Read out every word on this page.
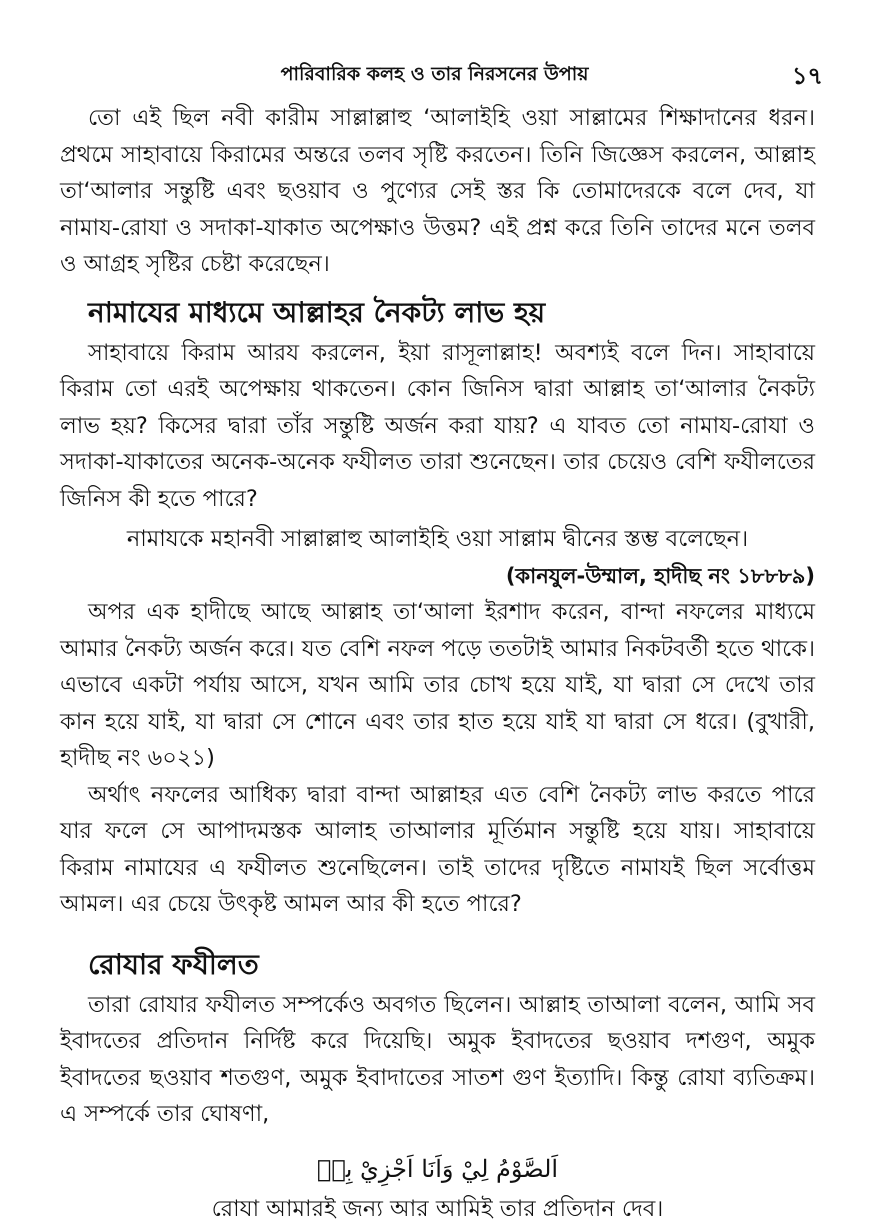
পারিবারিক কলহ ও তার নিরসনের উপায়	১৭

তো এই ছিল নবী কারীম সাল্লাল্লাহু ‘আলাইহি ওয়া সাল্লামের শিক্ষাদানের ধরন। প্রথমে সাহাবায়ে কিরামের অন্তরে তলব সৃষ্টি করতেন। তিনি জিজ্ঞেস করলেন, আল্লাহ তা‘আলার সন্তুষ্টি এবং ছওয়াব ও পুণ্যের সেই স্তর কি তোমাদেরকে বলে দেব, যা নামায-রোযা ও সদাকা-যাকাত অপেক্ষাও উত্তম? এই প্রশ্ন করে তিনি তাদের মনে তলব ও আগ্রহ সৃষ্টির চেষ্টা করেছেন।

নামাযের মাধ্যমে আল্লাহর নৈকট্য লাভ হয়

সাহাবায়ে কিরাম আরয করলেন, ইয়া রাসূলাল্লাহ! অবশ্যই বলে দিন। সাহাবায়ে কিরাম তো এরই অপেক্ষায় থাকতেন। কোন জিনিস দ্বারা আল্লাহ তা‘আলার নৈকট্য লাভ হয়? কিসের দ্বারা তাঁর সন্তুষ্টি অর্জন করা যায়? এ যাবত তো নামায-রোযা ও সদাকা-যাকাতের অনেক-অনেক ফযীলত তারা শুনেছেন। তার চেয়েও বেশি ফযীলতের জিনিস কী হতে পারে?

নামাযকে মহানবী সাল্লাল্লাহু আলাইহি ওয়া সাল্লাম দ্বীনের স্তম্ভ বলেছেন।

(কানযুল-উম্মাল, হাদীছ নং ১৮৮৮৯)

অপর এক হাদীছে আছে আল্লাহ তা‘আলা ইরশাদ করেন, বান্দা নফলের মাধ্যমে আমার নৈকট্য অর্জন করে। যত বেশি নফল পড়ে ততটাই আমার নিকটবর্তী হতে থাকে। এভাবে একটা পর্যায় আসে, যখন আমি তার চোখ হয়ে যাই, যা দ্বারা সে দেখে তার কান হয়ে যাই, যা দ্বারা সে শোনে এবং তার হাত হয়ে যাই যা দ্বারা সে ধরে। (বুখারী, হাদীছ নং ৬০২১)

অর্থাৎ নফলের আধিক্য দ্বারা বান্দা আল্লাহর এত বেশি নৈকট্য লাভ করতে পারে যার ফলে সে আপাদমস্তক আলাহ তাআলার মূর্তিমান সন্তুষ্টি হয়ে যায়। সাহাবায়ে কিরাম নামাযের এ ফযীলত শুনেছিলেন। তাই তাদের দৃষ্টিতে নামাযই ছিল সর্বোত্তম আমল। এর চেয়ে উৎকৃষ্ট আমল আর কী হতে পারে?

রোযার ফযীলত

তারা রোযার ফযীলত সম্পর্কেও অবগত ছিলেন। আল্লাহ তাআলা বলেন, আমি সব ইবাদতের প্রতিদান নির্দিষ্ট করে দিয়েছি। অমুক ইবাদতের ছওয়াব দশগুণ, অমুক ইবাদতের ছওয়াব শতগুণ, অমুক ইবাদাতের সাতশ গুণ ইত্যাদি। কিন্তু রোযা ব্যতিক্রম। এ সম্পর্কে তার ঘোষণা,

اَلصَّوْمُ لِيْ وَاَنَا اَجْزِيْ بِهٖ

রোযা আমারই জন্য আর আমিই তার প্রতিদান দেব।
